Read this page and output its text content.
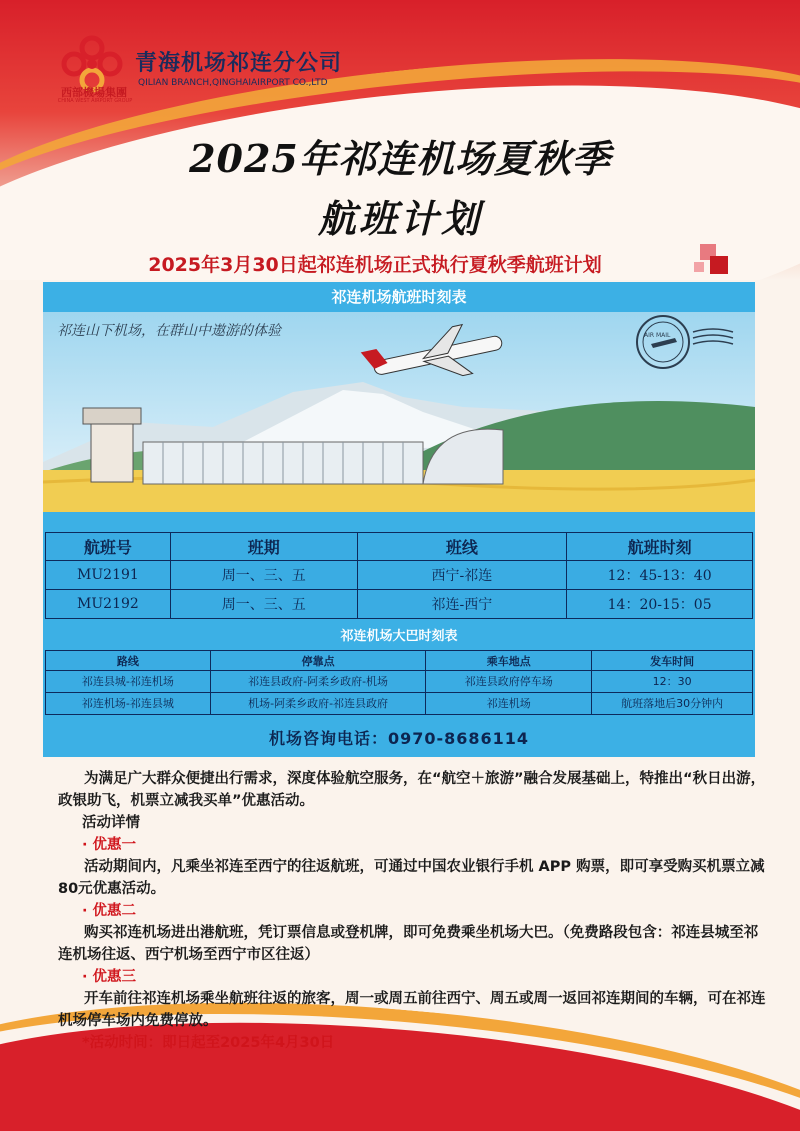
西部機場集團
CHINA WEST AIRPORT GROUP
青海机场祁连分公司
QILIAN BRANCH,QINGHAIAIRPORT CO.,LTD
2025年祁连机场夏秋季
航班计划
2025年3月30日起祁连机场正式执行夏秋季航班计划
祁连机场航班时刻表
祁连山下机场，在群山中遨游的体验	AIR MAIL
航班号	班期	班线	航班时刻
MU2191	周一、三、五	西宁-祁连	12：45-13：40
MU2192	周一、三、五	祁连-西宁	14：20-15：05
祁连机场大巴时刻表
路线	停靠点	乘车地点	发车时间
祁连县城-祁连机场	祁连县政府-阿柔乡政府-机场	祁连县政府停车场	12：30
祁连机场-祁连县城	机场-阿柔乡政府-祁连县政府	祁连机场	航班落地后30分钟内
机场咨询电话：0970-8686114

为满足广大群众便捷出行需求，深度体验航空服务，在“航空＋旅游”融合发展基础上，特推出“秋日出游，政银助飞，机票立减我买单”优惠活动。

活动详情

· 优惠一

活动期间内，凡乘坐祁连至西宁的往返航班，可通过中国农业银行手机 APP 购票，即可享受购买机票立减80元优惠活动。

· 优惠二

购买祁连机场进出港航班，凭订票信息或登机牌，即可免费乘坐机场大巴。（免费路段包含：祁连县城至祁连机场往返、西宁机场至西宁市区往返）

· 优惠三

开车前往祁连机场乘坐航班往返的旅客，周一或周五前往西宁、周五或周一返回祁连期间的车辆，可在祁连机场停车场内免费停放。

*活动时间：即日起至2025年4月30日
